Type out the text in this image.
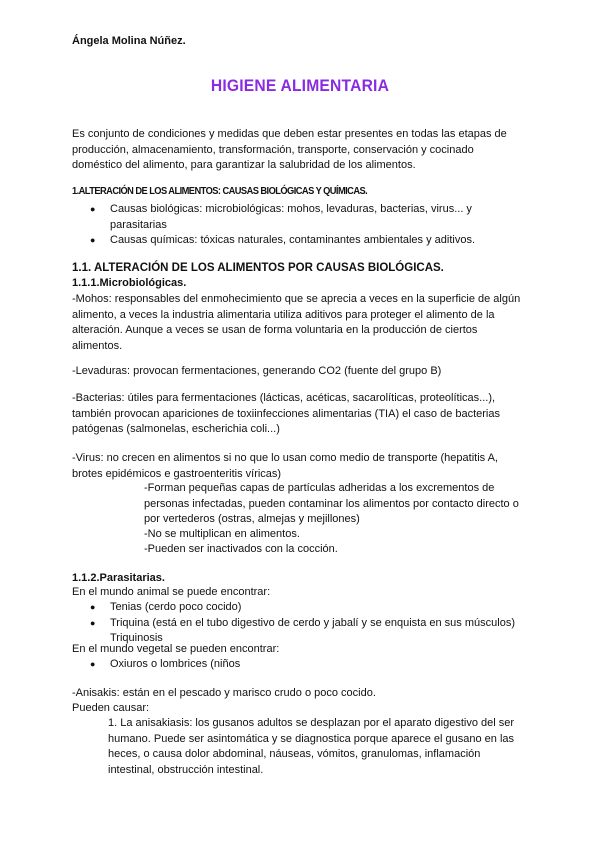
Ángela Molina Núñez.
HIGIENE ALIMENTARIA

Es conjunto de condiciones y medidas que deben estar presentes en todas las etapas de producción, almacenamiento, transformación, transporte, conservación y cocinado doméstico del alimento, para garantizar la salubridad de los alimentos.

1.ALTERACIÓN DE LOS ALIMENTOS: CAUSAS BIOLÓGICAS Y QUÍMICAS.
● Causas biológicas: microbiológicas: mohos, levaduras, bacterias, virus... y parasitarias
● Causas químicas: tóxicas naturales, contaminantes ambientales y aditivos.
1.1. ALTERACIÓN DE LOS ALIMENTOS POR CAUSAS BIOLÓGICAS.
1.1.1.Microbiológicas.

-Mohos: responsables del enmohecimiento que se aprecia a veces en la superficie de algún alimento, a veces la industria alimentaria utiliza aditivos para proteger el alimento de la alteración. Aunque a veces se usan de forma voluntaria en la producción de ciertos alimentos.

-Levaduras: provocan fermentaciones, generando CO2 (fuente del grupo B)

-Bacterias: útiles para fermentaciones (lácticas, acéticas, sacarolíticas, proteolíticas...), también provocan apariciones de toxiinfecciones alimentarias (TIA) el caso de bacterias patógenas (salmonelas, escherichia coli...)

-Virus: no crecen en alimentos si no que lo usan como medio de transporte (hepatitis A, brotes epidémicos e gastroenteritis víricas)

-Forman pequeñas capas de partículas adheridas a los excrementos de personas infectadas, pueden contaminar los alimentos por contacto directo o por vertederos (ostras, almejas y mejillones)

-No se multiplican en alimentos.

-Pueden ser inactivados con la cocción.

1.1.2.Parasitarias.

En el mundo animal se puede encontrar:

● Tenias (cerdo poco cocido)
● Triquina (está en el tubo digestivo de cerdo y jabalí y se enquista en sus músculos) Triquinosis

En el mundo vegetal se pueden encontrar:

● Oxiuros o lombrices (niños

-Anisakis: están en el pescado y marisco crudo o poco cocido.

Pueden causar:

1. La anisakiasis: los gusanos adultos se desplazan por el aparato digestivo del ser humano. Puede ser asintomática y se diagnostica porque aparece el gusano en las heces, o causa dolor abdominal, náuseas, vómitos, granulomas, inflamación intestinal, obstrucción intestinal.
